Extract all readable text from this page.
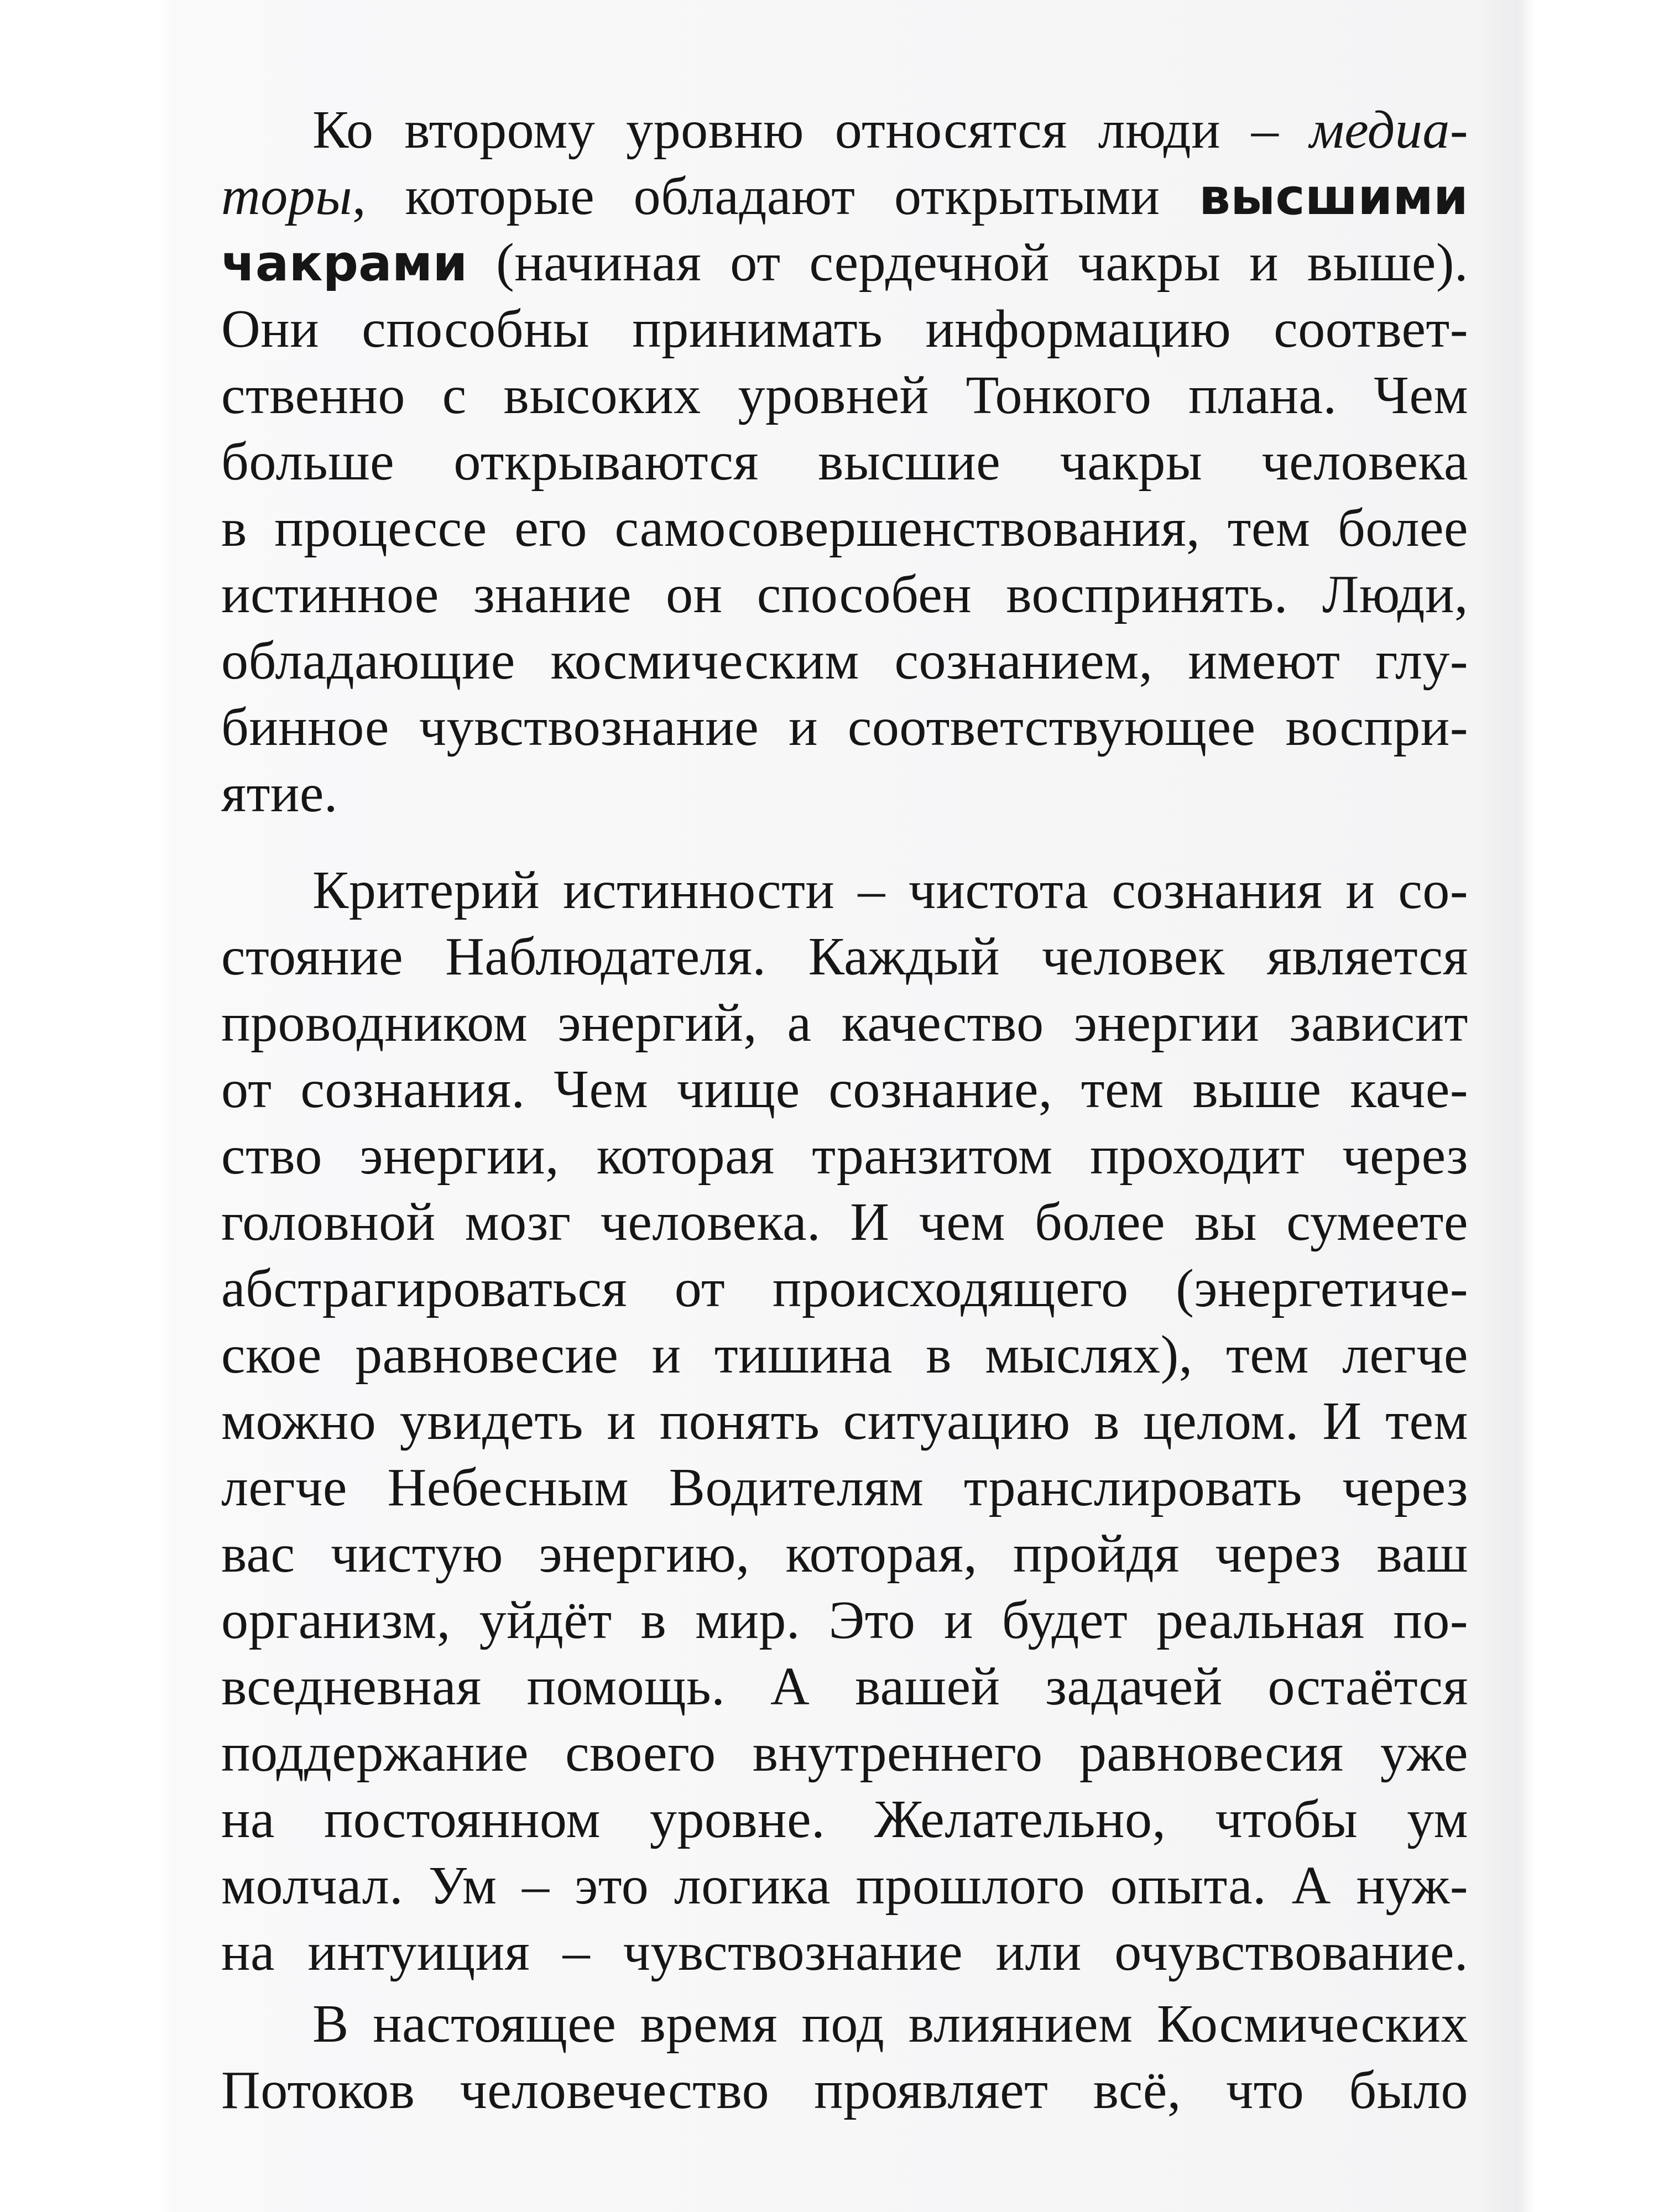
Ко второму уровню относятся люди – медиа-
торы, которые обладают открытыми высшими
чакрами (начиная от сердечной чакры и выше).
Они способны принимать информацию соответ-
ственно с высоких уровней Тонкого плана. Чем
больше открываются высшие чакры человека
в процессе его самосовершенствования, тем более
истинное знание он способен воспринять. Люди,
обладающие космическим сознанием, имеют глу-
бинное чувствознание и соответствующее воспри-
ятие.
Критерий истинности – чистота сознания и со-
стояние Наблюдателя. Каждый человек является
проводником энергий, а качество энергии зависит
от сознания. Чем чище сознание, тем выше каче-
ство энергии, которая транзитом проходит через
головной мозг человека. И чем более вы сумеете
абстрагироваться от происходящего (энергетиче-
ское равновесие и тишина в мыслях), тем легче
можно увидеть и понять ситуацию в целом. И тем
легче Небесным Водителям транслировать через
вас чистую энергию, которая, пройдя через ваш
организм, уйдёт в мир. Это и будет реальная по-
вседневная помощь. А вашей задачей остаётся
поддержание своего внутреннего равновесия уже
на постоянном уровне. Желательно, чтобы ум
молчал. Ум – это логика прошлого опыта. А нуж-
на интуиция – чувствознание или очувствование.
В настоящее время под влиянием Космических
Потоков человечество проявляет всё, что было
